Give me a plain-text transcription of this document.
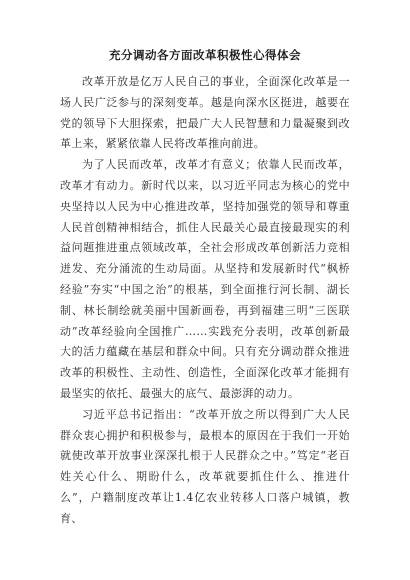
充分调动各方面改革积极性心得体会

改革开放是亿万人民自己的事业，全面深化改革是一场人民广泛参与的深刻变革。越是向深水区挺进，越要在党的领导下大胆探索，把最广大人民智慧和力量凝聚到改革上来，紧紧依靠人民将改革推向前进。

为了人民而改革，改革才有意义；依靠人民而改革，改革才有动力。新时代以来，以习近平同志为核心的党中央坚持以人民为中心推进改革，坚持加强党的领导和尊重人民首创精神相结合，抓住人民最关心最直接最现实的利益问题推进重点领域改革，全社会形成改革创新活力竞相迸发、充分涌流的生动局面。从坚持和发展新时代“枫桥经验”夯实“中国之治”的根基，到全面推行河长制、湖长制、林长制绘就美丽中国新画卷，再到福建三明“三医联动”改革经验向全国推广……实践充分表明，改革创新最大的活力蕴藏在基层和群众中间。只有充分调动群众推进改革的积极性、主动性、创造性，全面深化改革才能拥有最坚实的依托、最强大的底气、最澎湃的动力。

习近平总书记指出：“改革开放之所以得到广大人民群众衷心拥护和积极参与，最根本的原因在于我们一开始就使改革开放事业深深扎根于人民群众之中。”笃定“老百姓关心什么、期盼什么，改革就要抓住什么、推进什么”，户籍制度改革让1.4亿农业转移人口落户城镇，教育、
